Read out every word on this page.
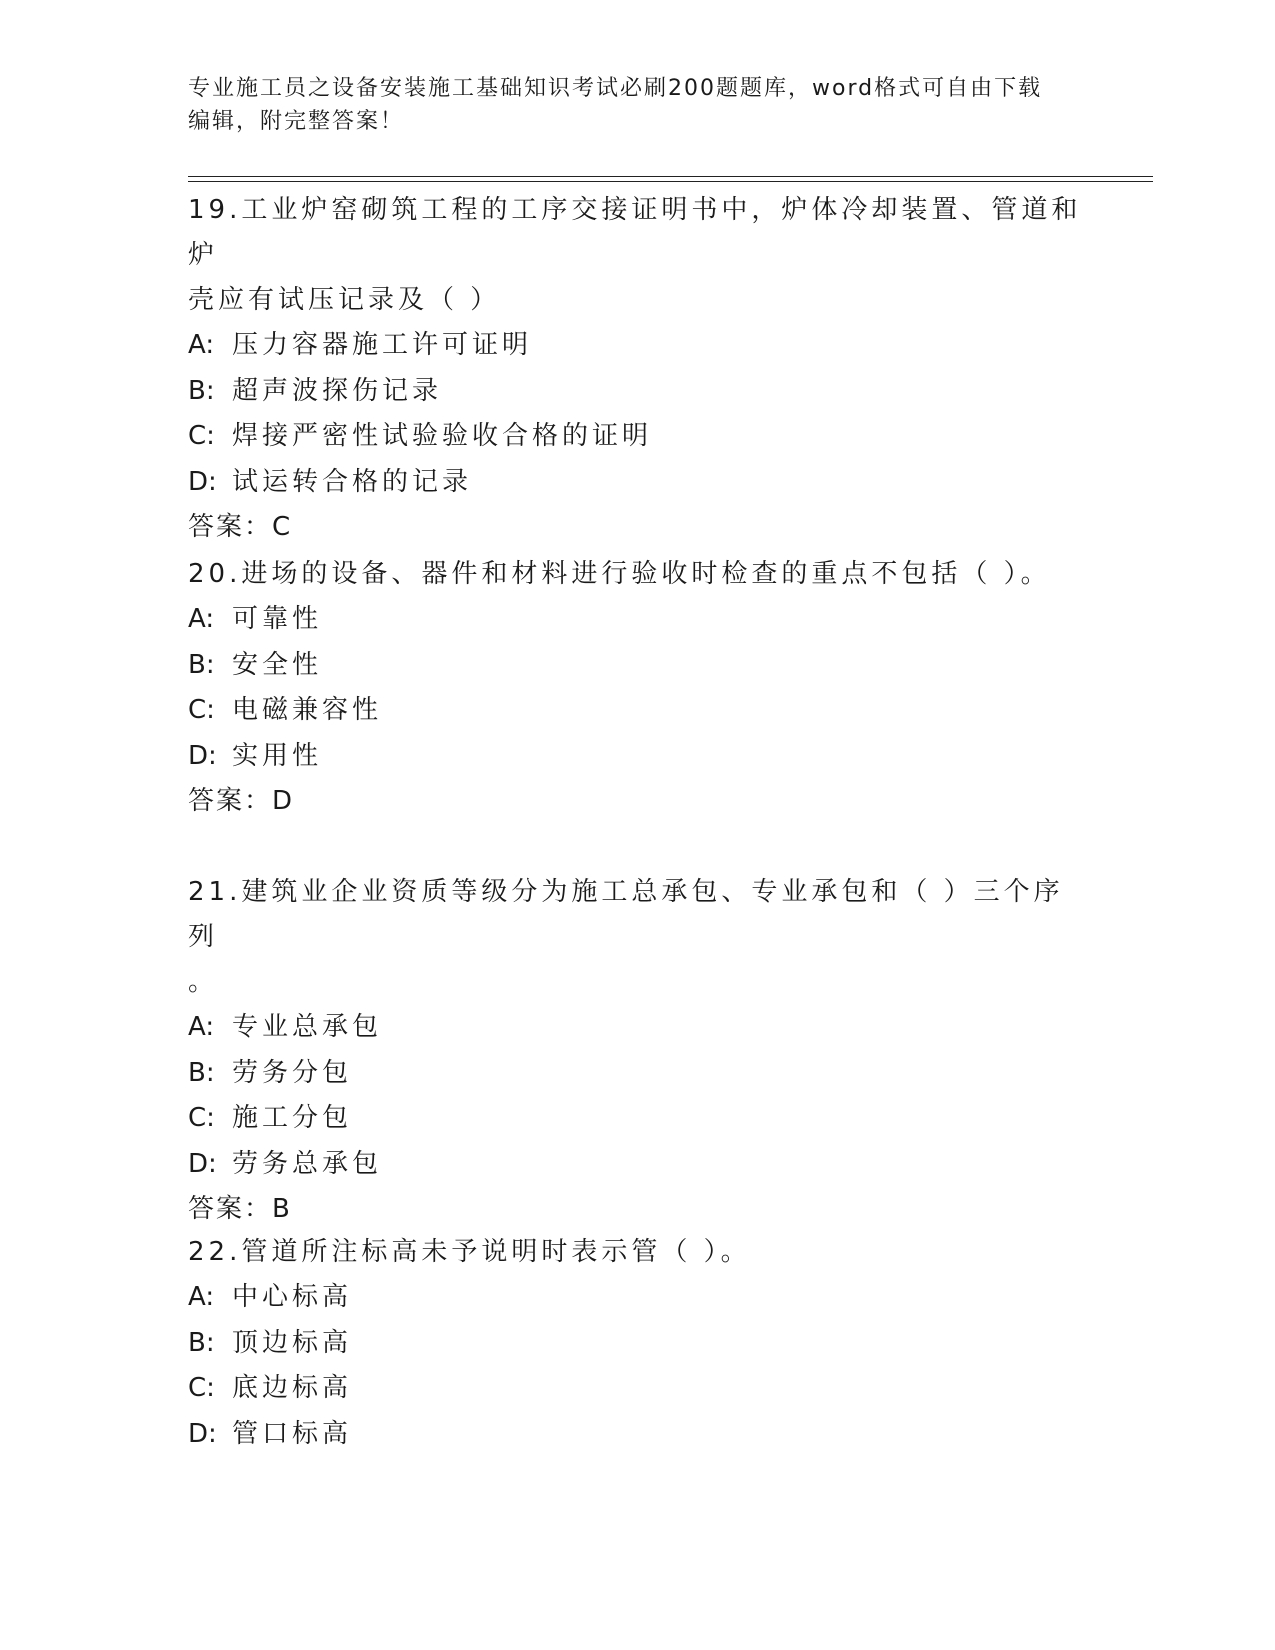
专业施工员之设备安装施工基础知识考试必刷200题题库，word格式可自由下载
编辑，附完整答案！

19.工业炉窑砌筑工程的工序交接证明书中，炉体冷却装置、管道和炉

壳应有试压记录及（ ）

A: 压力容器施工许可证明

B: 超声波探伤记录

C: 焊接严密性试验验收合格的证明

D: 试运转合格的记录

答案：C

20.进场的设备、器件和材料进行验收时检查的重点不包括（ ）。

A: 可靠性

B: 安全性

C: 电磁兼容性

D: 实用性

答案：D

21.建筑业企业资质等级分为施工总承包、专业承包和（ ）三个序列

。

A: 专业总承包

B: 劳务分包

C: 施工分包

D: 劳务总承包

答案：B

22.管道所注标高未予说明时表示管（ ）。

A: 中心标高

B: 顶边标高

C: 底边标高

D: 管口标高
